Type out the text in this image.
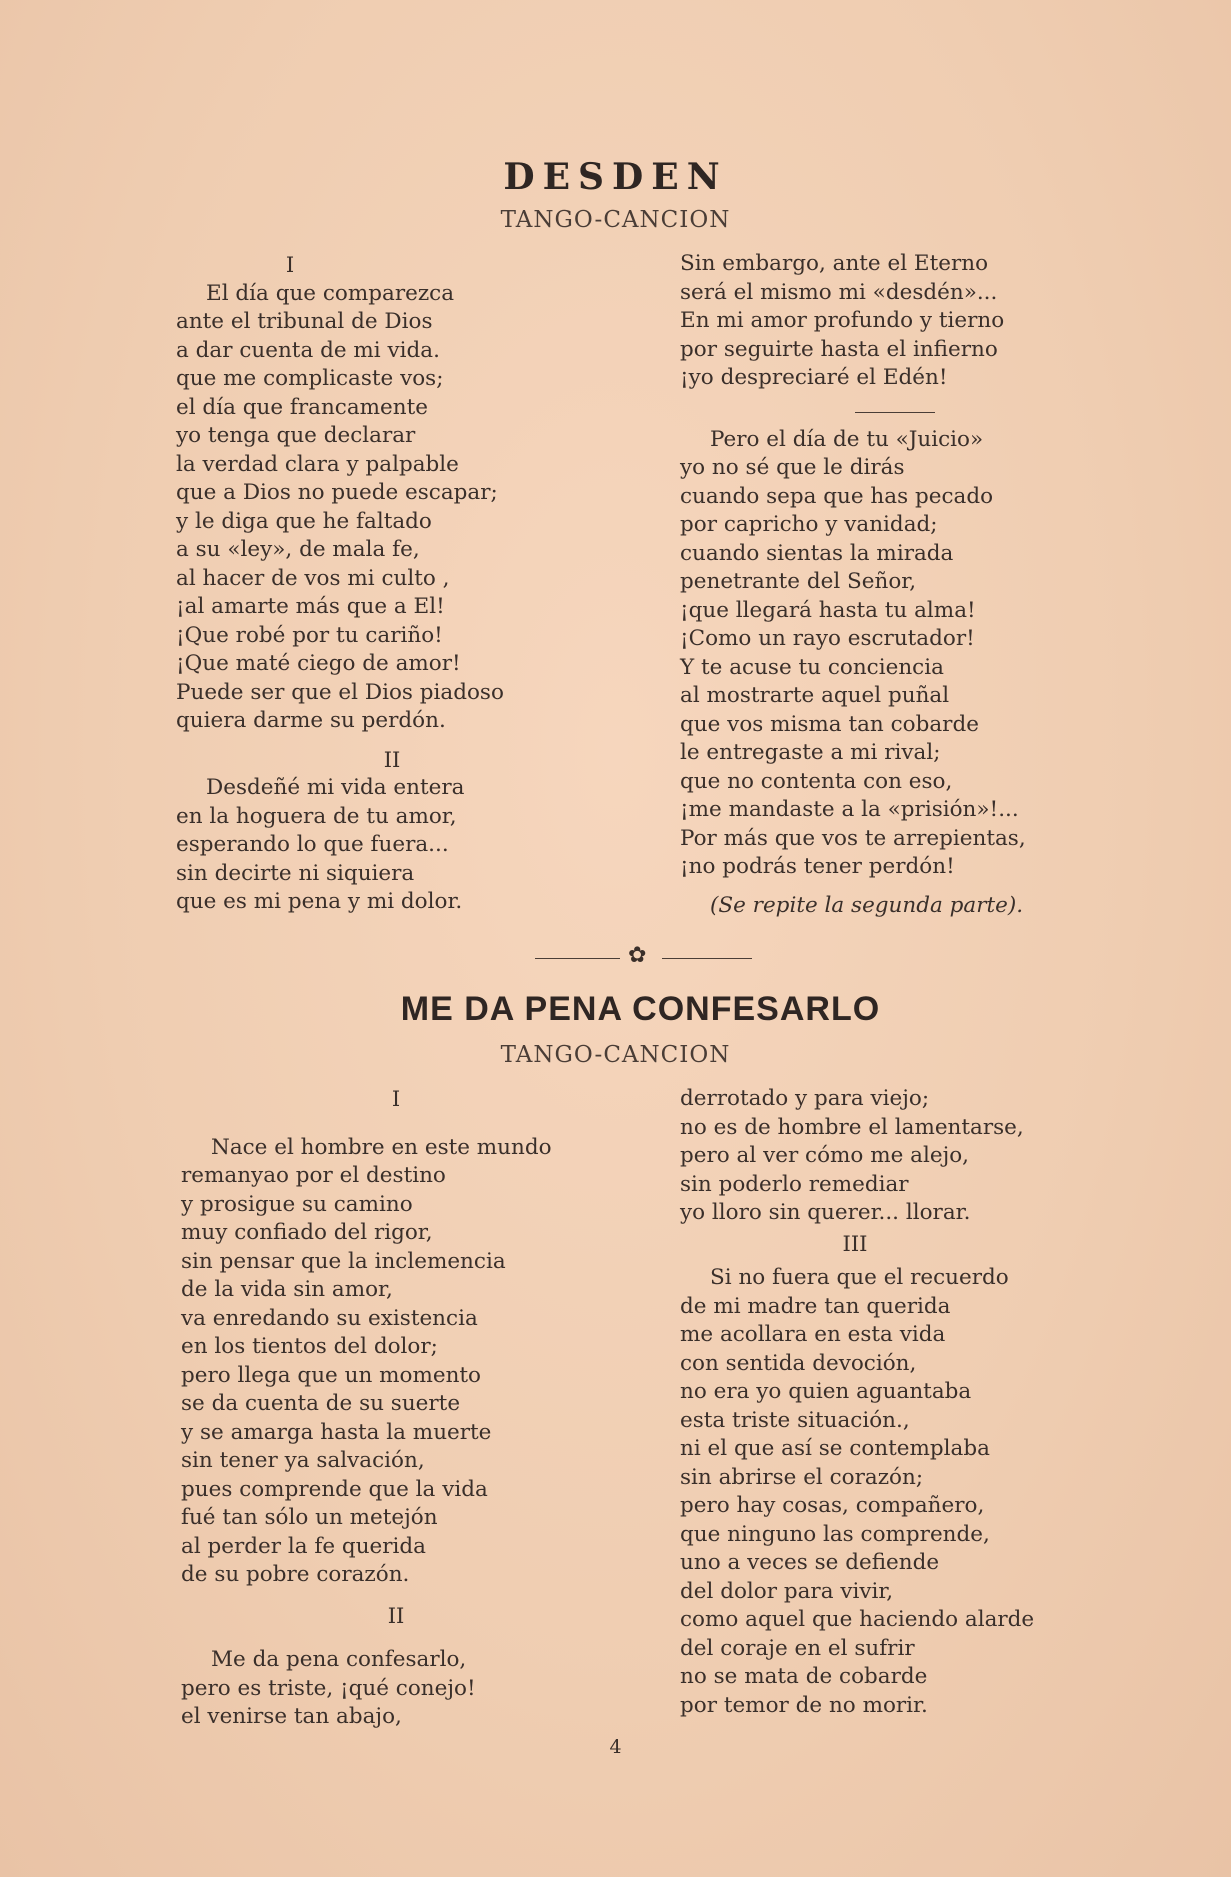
DESDEN
TANGO-CANCION
I
El día que comparezca
ante el tribunal de Dios
a dar cuenta de mi vida.
que me complicaste vos;
el día que francamente
yo tenga que declarar
la verdad clara y palpable
que a Dios no puede escapar;
y le diga que he faltado
a su «ley», de mala fe,
al hacer de vos mi culto ,
¡al amarte más que a El!
¡Que robé por tu cariño!
¡Que maté ciego de amor!
Puede ser que el Dios piadoso
quiera darme su perdón.
II
Desdeñé mi vida entera
en la hoguera de tu amor,
esperando lo que fuera...
sin decirte ni siquiera
que es mi pena y mi dolor.
Sin embargo, ante el Eterno
será el mismo mi «desdén»...
En mi amor profundo y tierno
por seguirte hasta el infierno
¡yo despreciaré el Edén!
Pero el día de tu «Juicio»
yo no sé que le dirás
cuando sepa que has pecado
por capricho y vanidad;
cuando sientas la mirada
penetrante del Señor,
¡que llegará hasta tu alma!
¡Como un rayo escrutador!
Y te acuse tu conciencia
al mostrarte aquel puñal
que vos misma tan cobarde
le entregaste a mi rival;
que no contenta con eso,
¡me mandaste a la «prisión»!...
Por más que vos te arrepientas,
¡no podrás tener perdón!
(Se repite la segunda parte).
✿
ME DA PENA CONFESARLO
TANGO-CANCION
I
Nace el hombre en este mundo
remanyao por el destino
y prosigue su camino
muy confiado del rigor,
sin pensar que la inclemencia
de la vida sin amor,
va enredando su existencia
en los tientos del dolor;
pero llega que un momento
se da cuenta de su suerte
y se amarga hasta la muerte
sin tener ya salvación,
pues comprende que la vida
fué tan sólo un metejón
al perder la fe querida
de su pobre corazón.
II
Me da pena confesarlo,
pero es triste, ¡qué conejo!
el venirse tan abajo,
derrotado y para viejo;
no es de hombre el lamentarse,
pero al ver cómo me alejo,
sin poderlo remediar
yo lloro sin querer... llorar.
III
Si no fuera que el recuerdo
de mi madre tan querida
me acollara en esta vida
con sentida devoción,
no era yo quien aguantaba
esta triste situación.,
ni el que así se contemplaba
sin abrirse el corazón;
pero hay cosas, compañero,
que ninguno las comprende,
uno a veces se defiende
del dolor para vivir,
como aquel que haciendo alarde
del coraje en el sufrir
no se mata de cobarde
por temor de no morir.
4
